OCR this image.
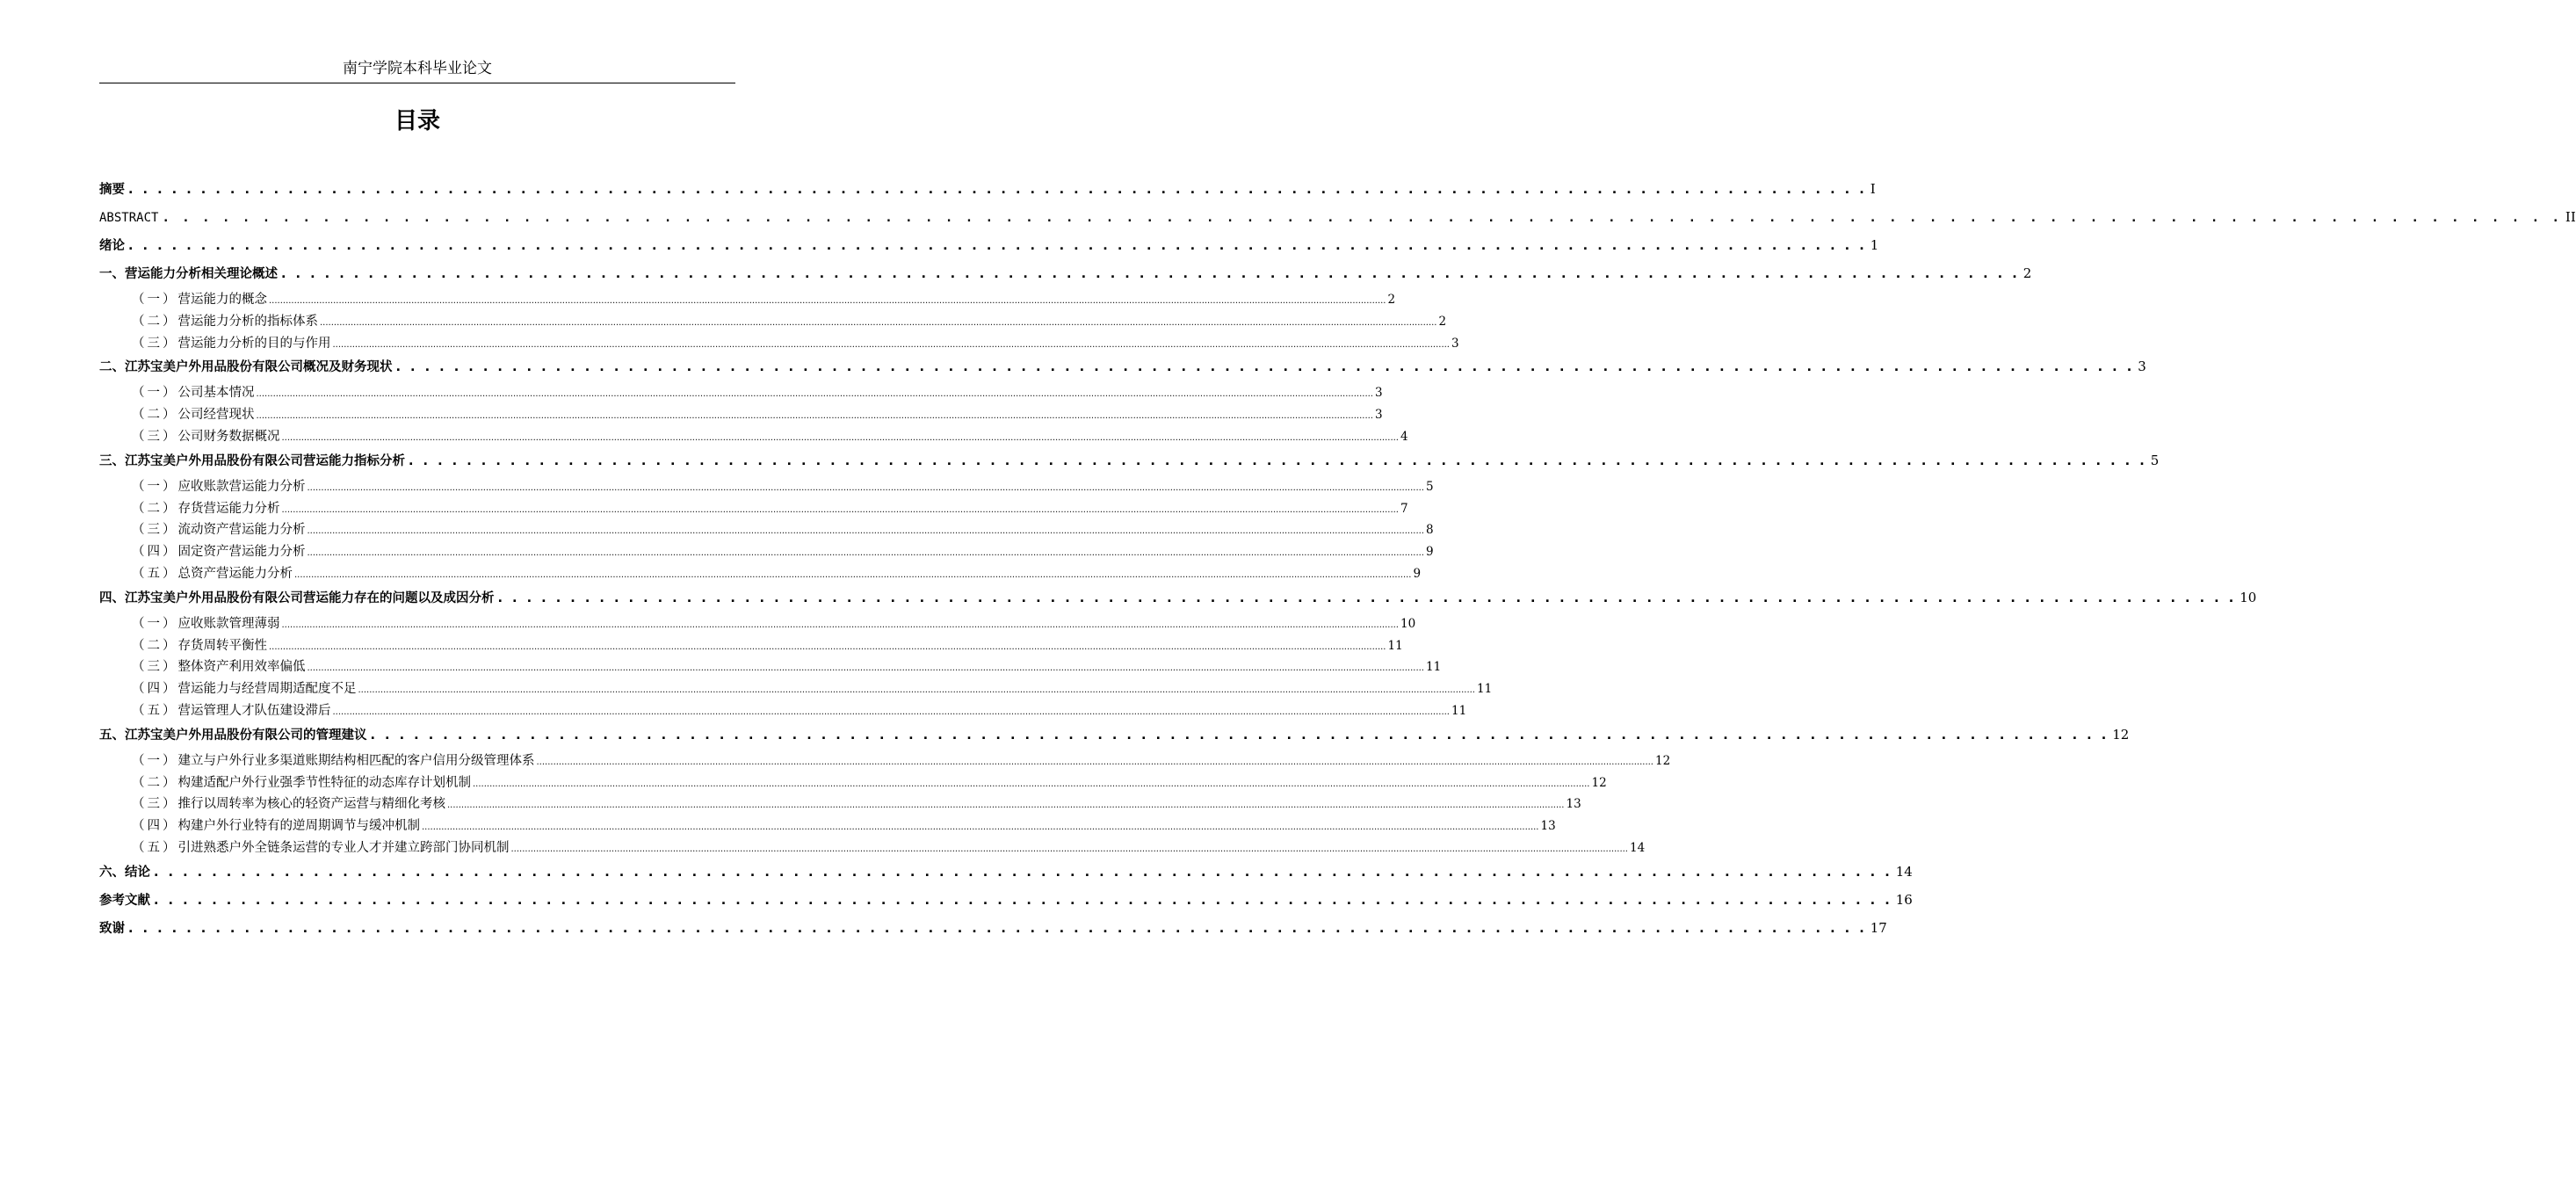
南宁学院本科毕业论文
目录
摘要 . . . . . . . . . . . . . . . . . . . . . . . . . . . . . . . . . . . . . . . . . . . . . . . . . . . . . . . . . . . . . . . . . . . . . . . . . . . . . . . . . . . . . . . . . . . . . . . . . . . . . . . . . . . . . . . . . . . . . . . . I
ABSTRACT . . . . . . . . . . . . . . . . . . . . . . . . . . . . . . . . . . . . . . . . . . . . . . . . . . . . . . . . . . . . . . . . . . . . . . . . . . . . . . . . . . . . . . . . . . . . . . . . . . . . . . . . . . . . . . . . . . . . . . . . II
绪论 . . . . . . . . . . . . . . . . . . . . . . . . . . . . . . . . . . . . . . . . . . . . . . . . . . . . . . . . . . . . . . . . . . . . . . . . . . . . . . . . . . . . . . . . . . . . . . . . . . . . . . . . . . . . . . . . . . . . . . . . 1
一、营运能力分析相关理论概述 . . . . . . . . . . . . . . . . . . . . . . . . . . . . . . . . . . . . . . . . . . . . . . . . . . . . . . . . . . . . . . . . . . . . . . . . . . . . . . . . . . . . . . . . . . . . . . . . . . . . . . . . . . . . . . . . . . . . . . . . 2
（一） 营运能力的概念 ................................................................................................................................................................................................................................................................................................................................................................................................................ 2
（二） 营运能力分析的指标体系 ................................................................................................................................................................................................................................................................................................................................................................................................................ 2
（三） 营运能力分析的目的与作用 ................................................................................................................................................................................................................................................................................................................................................................................................................ 3
二、江苏宝美户外用品股份有限公司概况及财务现状 . . . . . . . . . . . . . . . . . . . . . . . . . . . . . . . . . . . . . . . . . . . . . . . . . . . . . . . . . . . . . . . . . . . . . . . . . . . . . . . . . . . . . . . . . . . . . . . . . . . . . . . . . . . . . . . . . . . . . . . . 3
（一） 公司基本情况 ................................................................................................................................................................................................................................................................................................................................................................................................................ 3
（二） 公司经营现状 ................................................................................................................................................................................................................................................................................................................................................................................................................ 3
（三） 公司财务数据概况 ................................................................................................................................................................................................................................................................................................................................................................................................................ 4
三、江苏宝美户外用品股份有限公司营运能力指标分析 . . . . . . . . . . . . . . . . . . . . . . . . . . . . . . . . . . . . . . . . . . . . . . . . . . . . . . . . . . . . . . . . . . . . . . . . . . . . . . . . . . . . . . . . . . . . . . . . . . . . . . . . . . . . . . . . . . . . . . . . 5
（一） 应收账款营运能力分析 ................................................................................................................................................................................................................................................................................................................................................................................................................ 5
（二） 存货营运能力分析 ................................................................................................................................................................................................................................................................................................................................................................................................................ 7
（三） 流动资产营运能力分析 ................................................................................................................................................................................................................................................................................................................................................................................................................ 8
（四） 固定资产营运能力分析 ................................................................................................................................................................................................................................................................................................................................................................................................................ 9
（五） 总资产营运能力分析 ................................................................................................................................................................................................................................................................................................................................................................................................................ 9
四、江苏宝美户外用品股份有限公司营运能力存在的问题以及成因分析 . . . . . . . . . . . . . . . . . . . . . . . . . . . . . . . . . . . . . . . . . . . . . . . . . . . . . . . . . . . . . . . . . . . . . . . . . . . . . . . . . . . . . . . . . . . . . . . . . . . . . . . . . . . . . . . . . . . . . . . . 10
（一） 应收账款管理薄弱 ................................................................................................................................................................................................................................................................................................................................................................................................................ 10
（二） 存货周转平衡性 ................................................................................................................................................................................................................................................................................................................................................................................................................ 11
（三） 整体资产利用效率偏低 ................................................................................................................................................................................................................................................................................................................................................................................................................ 11
（四） 营运能力与经营周期适配度不足 ................................................................................................................................................................................................................................................................................................................................................................................................................ 11
（五） 营运管理人才队伍建设滞后 ................................................................................................................................................................................................................................................................................................................................................................................................................ 11
五、江苏宝美户外用品股份有限公司的管理建议 . . . . . . . . . . . . . . . . . . . . . . . . . . . . . . . . . . . . . . . . . . . . . . . . . . . . . . . . . . . . . . . . . . . . . . . . . . . . . . . . . . . . . . . . . . . . . . . . . . . . . . . . . . . . . . . . . . . . . . . . 12
（一） 建立与户外行业多渠道账期结构相匹配的客户信用分级管理体系 ................................................................................................................................................................................................................................................................................................................................................................................................................ 12
（二） 构建适配户外行业强季节性特征的动态库存计划机制 ................................................................................................................................................................................................................................................................................................................................................................................................................ 12
（三） 推行以周转率为核心的轻资产运营与精细化考核 ................................................................................................................................................................................................................................................................................................................................................................................................................ 13
（四） 构建户外行业特有的逆周期调节与缓冲机制 ................................................................................................................................................................................................................................................................................................................................................................................................................ 13
（五） 引进熟悉户外全链条运营的专业人才并建立跨部门协同机制 ................................................................................................................................................................................................................................................................................................................................................................................................................ 14
六、结论 . . . . . . . . . . . . . . . . . . . . . . . . . . . . . . . . . . . . . . . . . . . . . . . . . . . . . . . . . . . . . . . . . . . . . . . . . . . . . . . . . . . . . . . . . . . . . . . . . . . . . . . . . . . . . . . . . . . . . . . . 14
参考文献 . . . . . . . . . . . . . . . . . . . . . . . . . . . . . . . . . . . . . . . . . . . . . . . . . . . . . . . . . . . . . . . . . . . . . . . . . . . . . . . . . . . . . . . . . . . . . . . . . . . . . . . . . . . . . . . . . . . . . . . . 16
致谢 . . . . . . . . . . . . . . . . . . . . . . . . . . . . . . . . . . . . . . . . . . . . . . . . . . . . . . . . . . . . . . . . . . . . . . . . . . . . . . . . . . . . . . . . . . . . . . . . . . . . . . . . . . . . . . . . . . . . . . . . 17
